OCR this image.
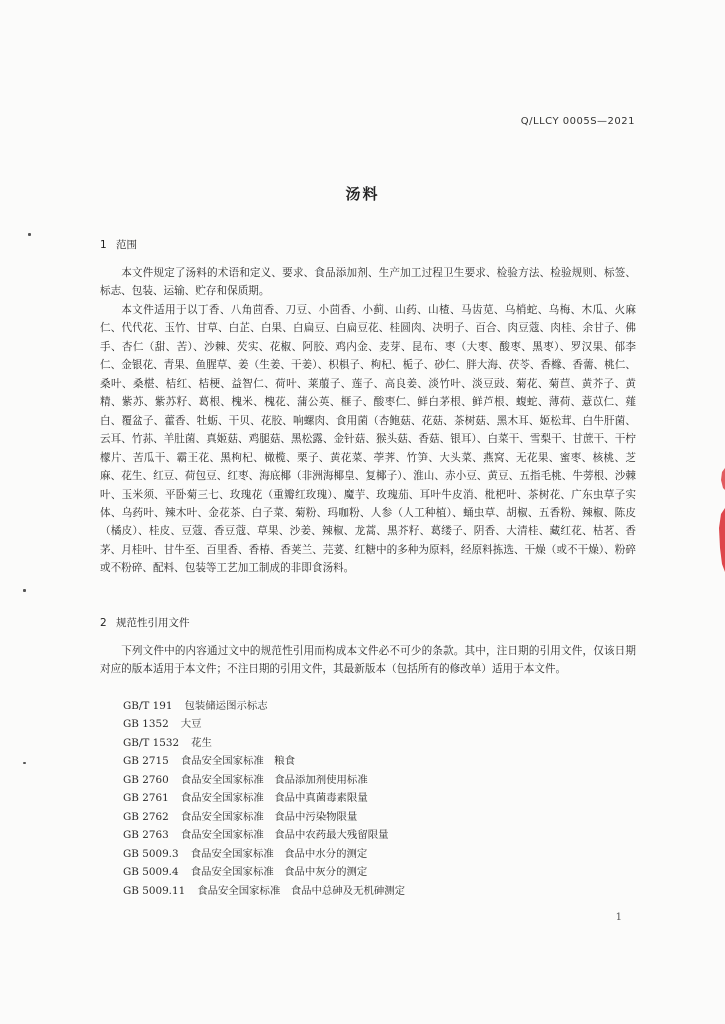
Q/LLCY 0005S—2021
汤料
1 范围

本文件规定了汤料的术语和定义、要求、食品添加剂、生产加工过程卫生要求、检验方法、检验规则、标签、标志、包装、运输、贮存和保质期。

本文件适用于以丁香、八角茴香、刀豆、小茴香、小蓟、山药、山楂、马齿苋、乌梢蛇、乌梅、木瓜、火麻仁、代代花、玉竹、甘草、白芷、白果、白扁豆、白扁豆花、桂圆肉、决明子、百合、肉豆蔻、肉桂、余甘子、佛手、杏仁（甜、苦）、沙棘、芡实、花椒、阿胶、鸡内金、麦芽、昆布、枣（大枣、酸枣、黑枣）、罗汉果、郁李仁、金银花、青果、鱼腥草、姜（生姜、干姜）、枳椇子、枸杞、栀子、砂仁、胖大海、茯苓、香橼、香薷、桃仁、桑叶、桑椹、桔红、桔梗、益智仁、荷叶、莱菔子、莲子、高良姜、淡竹叶、淡豆豉、菊花、菊苣、黄芥子、黄精、紫苏、紫苏籽、葛根、槐米、槐花、蒲公英、榧子、酸枣仁、鲜白茅根、鲜芦根、蝮蛇、薄荷、薏苡仁、薤白、覆盆子、藿香、牡蛎、干贝、花胶、响螺肉、食用菌（杏鲍菇、花菇、茶树菇、黑木耳、姬松茸、白牛肝菌、云耳、竹荪、羊肚菌、真姬菇、鸡腿菇、黑松露、金针菇、猴头菇、香菇、银耳）、白菜干、雪梨干、甘蔗干、干柠檬片、苦瓜干、霸王花、黑枸杞、橄榄、栗子、黄花菜、荸荠、竹笋、大头菜、燕窝、无花果、蜜枣、核桃、芝麻、花生、红豆、荷包豆、红枣、海底椰（非洲海椰皇、复椰子）、淮山、赤小豆、黄豆、五指毛桃、牛蒡根、沙棘叶、玉米须、平卧菊三七、玫瑰花（重瓣红玫瑰）、魔芋、玫瑰茄、耳叶牛皮消、枇杷叶、茶树花、广东虫草子实体、乌药叶、辣木叶、金花茶、白子菜、菊粉、玛咖粉、人参（人工种植）、蛹虫草、胡椒、五香粉、辣椒、陈皮（橘皮）、桂皮、豆蔻、香豆蔻、草果、沙姜、辣椒、龙蒿、黑芥籽、葛缕子、阴香、大清桂、藏红花、枯茗、香茅、月桂叶、甘牛至、百里香、香椿、香荚兰、芫荽、红糖中的多种为原料，经原料拣选、干燥（或不干燥）、粉碎或不粉碎、配料、包装等工艺加工制成的非即食汤料。

2 规范性引用文件

下列文件中的内容通过文中的规范性引用而构成本文件必不可少的条款。其中，注日期的引用文件，仅该日期对应的版本适用于本文件；不注日期的引用文件，其最新版本（包括所有的修改单）适用于本文件。

GB/T 191 包装储运图示标志
GB 1352 大豆
GB/T 1532 花生
GB 2715 食品安全国家标准　粮食
GB 2760 食品安全国家标准　食品添加剂使用标准
GB 2761 食品安全国家标准　食品中真菌毒素限量
GB 2762 食品安全国家标准　食品中污染物限量
GB 2763 食品安全国家标准　食品中农药最大残留限量
GB 5009.3 食品安全国家标准　食品中水分的测定
GB 5009.4 食品安全国家标准　食品中灰分的测定
GB 5009.11 食品安全国家标准　食品中总砷及无机砷测定
1
